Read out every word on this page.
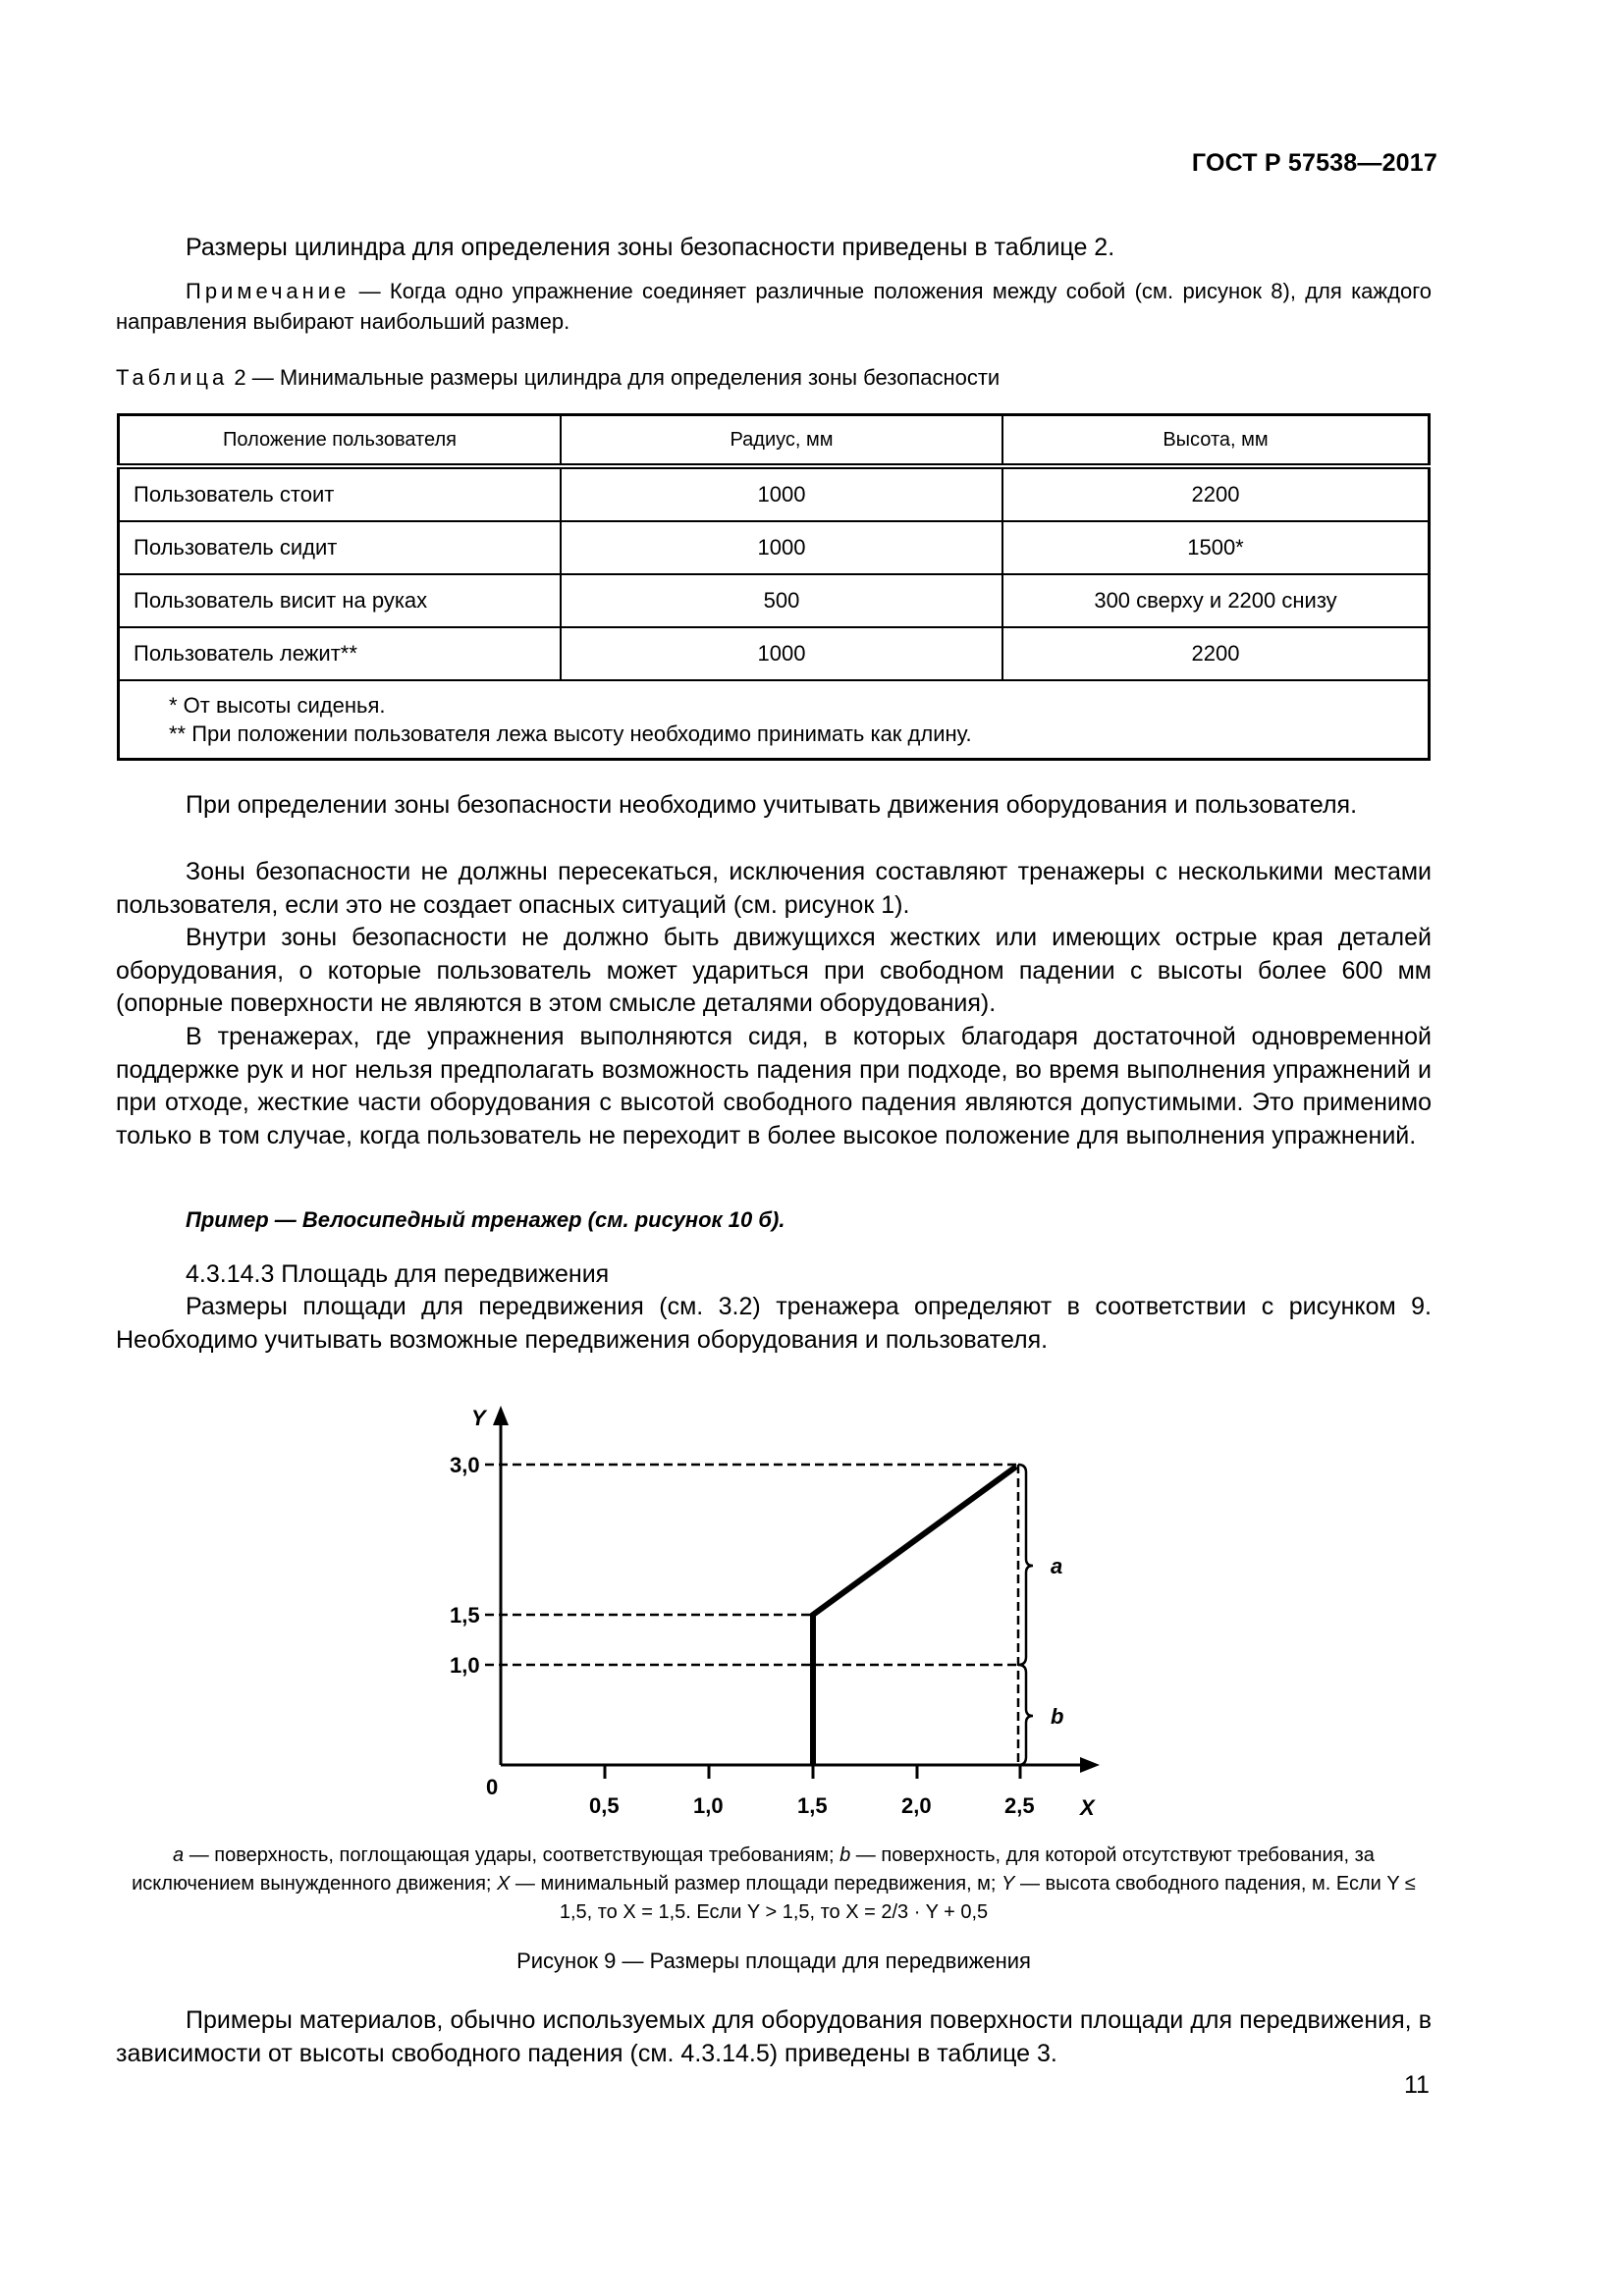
ГОСТ Р 57538—2017
Размеры цилиндра для определения зоны безопасности приведены в таблице 2.
Примечание — Когда одно упражнение соединяет различные положения между собой (см. рисунок 8), для каждого направления выбирают наибольший размер.
Таблица 2 — Минимальные размеры цилиндра для определения зоны безопасности
Положение пользователя	Радиус, мм	Высота, мм
Пользователь стоит	1000	2200
Пользователь сидит	1000	1500*
Пользователь висит на руках	500	300 сверху и 2200 снизу
Пользователь лежит**	1000	2200

* От высоты сиденья.
** При положении пользователя лежа высоту необходимо принимать как длину.		
При определении зоны безопасности необходимо учитывать движения оборудования и пользователя.
Зоны безопасности не должны пересекаться, исключения составляют тренажеры с несколькими местами пользователя, если это не создает опасных ситуаций (см. рисунок 1).
Внутри зоны безопасности не должно быть движущихся жестких или имеющих острые края деталей оборудования, о которые пользователь может удариться при свободном падении с высоты более 600 мм (опорные поверхности не являются в этом смысле деталями оборудования).
В тренажерах, где упражнения выполняются сидя, в которых благодаря достаточной одновременной поддержке рук и ног нельзя предполагать возможность падения при подходе, во время выполнения упражнений и при отходе, жесткие части оборудования с высотой свободного падения являются допустимыми. Это применимо только в том случае, когда пользователь не переходит в более высокое положение для выполнения упражнений.
Пример — Велосипедный тренажер (см. рисунок 10 б).
4.3.14.3 Площадь для передвижения
Размеры площади для передвижения (см. 3.2) тренажера определяют в соответствии с рисунком 9. Необходимо учитывать возможные передвижения оборудования и пользователя.
Y
3,0
1,5
1,0
0
0,5	1,0	1,5	2,0	2,5 X
a
b
a — поверхность, поглощающая удары, соответствующая требованиям; b — поверхность, для которой отсутствуют требования, за исключением вынужденного движения; X — минимальный размер площади передвижения, м; Y — высота свободного падения, м. Если Y ≤ 1,5, то X = 1,5. Если Y > 1,5, то X = 2/3 · Y + 0,5
Рисунок 9 — Размеры площади для передвижения
Примеры материалов, обычно используемых для оборудования поверхности площади для передвижения, в зависимости от высоты свободного падения (см. 4.3.14.5) приведены в таблице 3.
11
